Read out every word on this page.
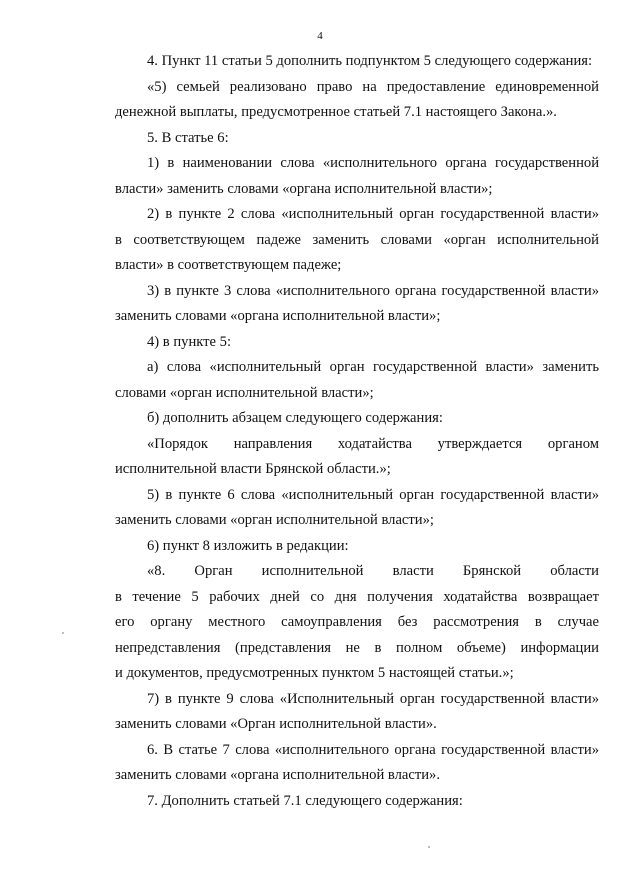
4

4. Пункт 11 статьи 5 дополнить подпунктом 5 следующего содержания:

«5) семьей реализовано право на предоставление единовременной

денежной выплаты, предусмотренное статьей 7.1 настоящего Закона.».

5. В статье 6:

1) в наименовании слова «исполнительного органа государственной

власти» заменить словами «органа исполнительной власти»;

2) в пункте 2 слова «исполнительный орган государственной власти»

в соответствующем падеже заменить словами «орган исполнительной

власти» в соответствующем падеже;

3) в пункте 3 слова «исполнительного органа государственной власти»

заменить словами «органа исполнительной власти»;

4) в пункте 5:

а) слова «исполнительный орган государственной власти» заменить

словами «орган исполнительной власти»;

б) дополнить абзацем следующего содержания:

«Порядок направления ходатайства утверждается органом

исполнительной власти Брянской области.»;

5) в пункте 6 слова «исполнительный орган государственной власти»

заменить словами «орган исполнительной власти»;

6) пункт 8 изложить в редакции:

«8. Орган исполнительной власти Брянской области

в течение 5 рабочих дней со дня получения ходатайства возвращает

его органу местного самоуправления без рассмотрения в случае

непредставления (представления не в полном объеме) информации

и документов, предусмотренных пунктом 5 настоящей статьи.»;

7) в пункте 9 слова «Исполнительный орган государственной власти»

заменить словами «Орган исполнительной власти».

6. В статье 7 слова «исполнительного органа государственной власти»

заменить словами «органа исполнительной власти».

7. Дополнить статьей 7.1 следующего содержания:
